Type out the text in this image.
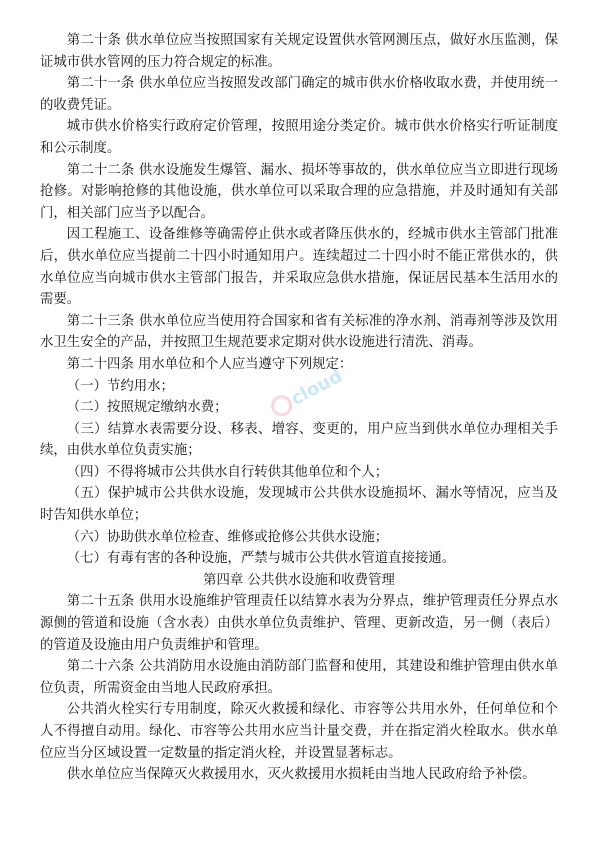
第二十条 供水单位应当按照国家有关规定设置供水管网测压点，做好水压监测，保证城市供水管网的压力符合规定的标准。

第二十一条 供水单位应当按照发改部门确定的城市供水价格收取水费，并使用统一的收费凭证。

城市供水价格实行政府定价管理，按照用途分类定价。城市供水价格实行听证制度和公示制度。

第二十二条 供水设施发生爆管、漏水、损坏等事故的，供水单位应当立即进行现场抢修。对影响抢修的其他设施，供水单位可以采取合理的应急措施，并及时通知有关部门，相关部门应当予以配合。

因工程施工、设备维修等确需停止供水或者降压供水的，经城市供水主管部门批准后，供水单位应当提前二十四小时通知用户。连续超过二十四小时不能正常供水的，供水单位应当向城市供水主管部门报告，并采取应急供水措施，保证居民基本生活用水的需要。

第二十三条 供水单位应当使用符合国家和省有关标准的净水剂、消毒剂等涉及饮用水卫生安全的产品，并按照卫生规范要求定期对供水设施进行清洗、消毒。

第二十四条 用水单位和个人应当遵守下列规定：

（一）节约用水；

（二）按照规定缴纳水费；

（三）结算水表需要分设、移表、增容、变更的，用户应当到供水单位办理相关手续，由供水单位负责实施；

（四）不得将城市公共供水自行转供其他单位和个人；

（五）保护城市公共供水设施，发现城市公共供水设施损坏、漏水等情况，应当及时告知供水单位；

（六）协助供水单位检查、维修或抢修公共供水设施；

（七）有毒有害的各种设施，严禁与城市公共供水管道直接接通。

第四章 公共供水设施和收费管理

第二十五条 供用水设施维护管理责任以结算水表为分界点，维护管理责任分界点水源侧的管道和设施（含水表）由供水单位负责维护、管理、更新改造，另一侧（表后）的管道及设施由用户负责维护和管理。

第二十六条 公共消防用水设施由消防部门监督和使用，其建设和维护管理由供水单位负责，所需资金由当地人民政府承担。

公共消火栓实行专用制度，除灭火救援和绿化、市容等公共用水外，任何单位和个人不得擅自动用。绿化、市容等公共用水应当计量交费，并在指定消火栓取水。供水单位应当分区域设置一定数量的指定消火栓，并设置显著标志。

供水单位应当保障灭火救援用水，灭火救援用水损耗由当地人民政府给予补偿。

cloud
